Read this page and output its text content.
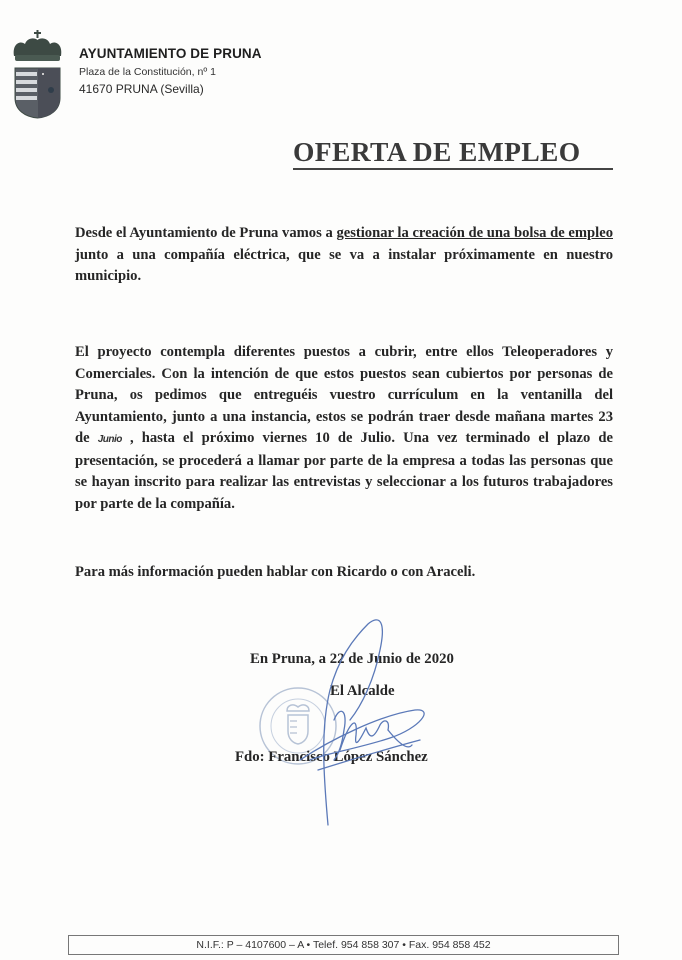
AYUNTAMIENTO DE PRUNA
Plaza de la Constitución, nº 1
41670 PRUNA (Sevilla)
OFERTA DE EMPLEO
Desde el Ayuntamiento de Pruna vamos a gestionar la creación de una bolsa de empleo junto a una compañía eléctrica, que se va a instalar próximamente en nuestro municipio.
El proyecto contempla diferentes puestos a cubrir, entre ellos Teleoperadores y Comerciales. Con la intención de que estos puestos sean cubiertos por personas de Pruna, os pedimos que entreguéis vuestro currículum en la ventanilla del Ayuntamiento, junto a una instancia, estos se podrán traer desde mañana martes 23 de Junio , hasta el próximo viernes 10 de Julio. Una vez terminado el plazo de presentación, se procederá a llamar por parte de la empresa a todas las personas que se hayan inscrito para realizar las entrevistas y seleccionar a los futuros trabajadores por parte de la compañía.
Para más información pueden hablar con Ricardo o con Araceli.
En Pruna, a 22 de Junio de 2020
El Alcalde
Fdo: Francisco López Sánchez
N.I.F.: P – 4107600 – A • Telef. 954 858 307 • Fax. 954 858 452
